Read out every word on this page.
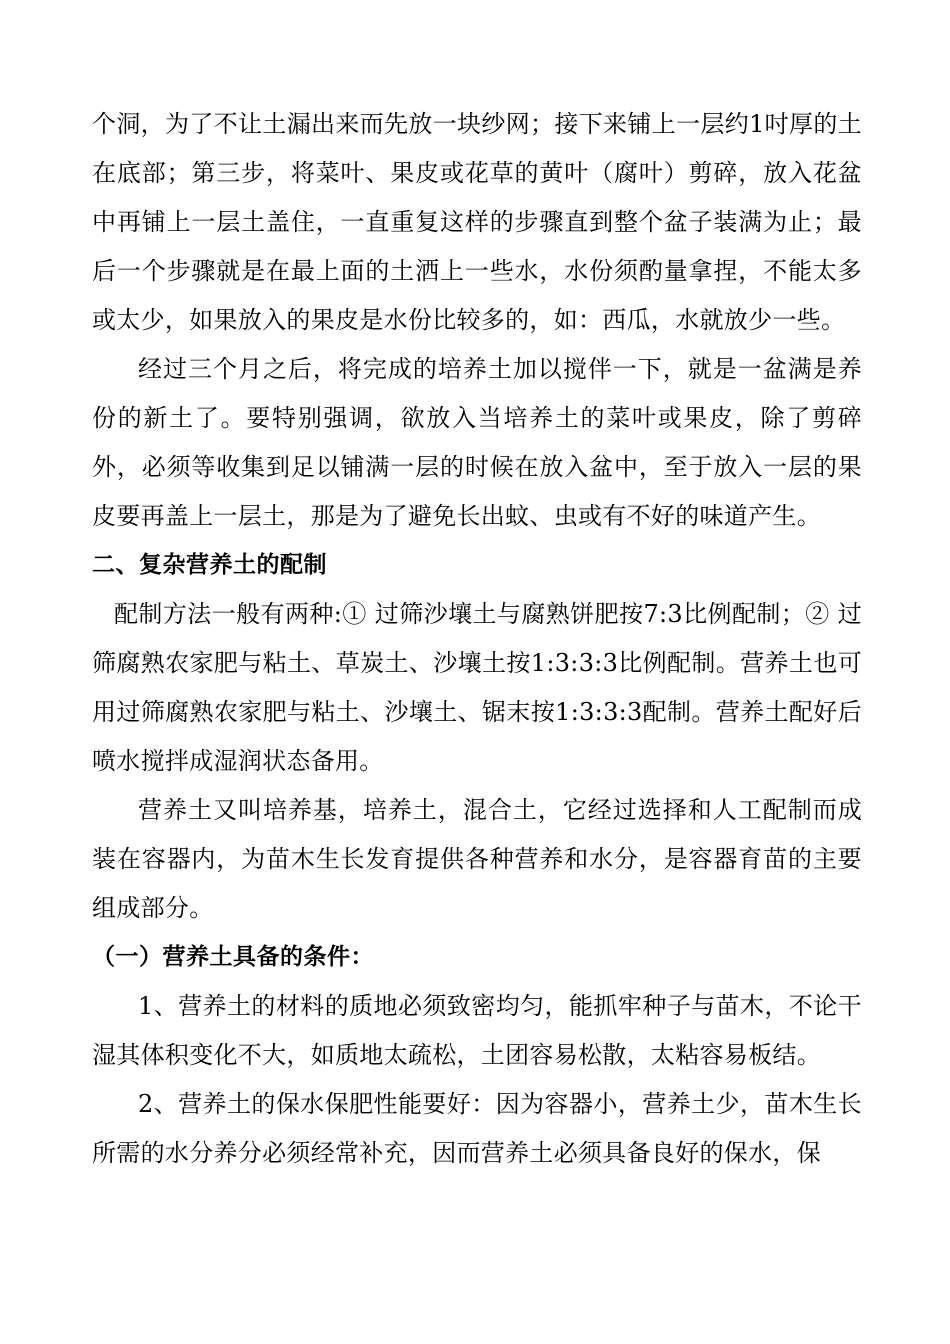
个洞，为了不让土漏出来而先放一块纱网；接下来铺上一层约1吋厚的土在底部；第三步，将菜叶、果皮或花草的黄叶（腐叶）剪碎，放入花盆中再铺上一层土盖住，一直重复这样的步骤直到整个盆子装满为止；最后一个步骤就是在最上面的土洒上一些水，水份须酌量拿捏，不能太多或太少，如果放入的果皮是水份比较多的，如：西瓜，水就放少一些。

经过三个月之后，将完成的培养土加以搅伴一下，就是一盆满是养份的新土了。要特别强调，欲放入当培养土的菜叶或果皮，除了剪碎外，必须等收集到足以铺满一层的时候在放入盆中，至于放入一层的果皮要再盖上一层土，那是为了避免长出蚊、虫或有不好的味道产生。

二、复杂营养土的配制

配制方法一般有两种:① 过筛沙壤土与腐熟饼肥按7:3比例配制；② 过筛腐熟农家肥与粘土、草炭土、沙壤土按1:3:3:3比例配制。营养土也可用过筛腐熟农家肥与粘土、沙壤土、锯末按1:3:3:3配制。营养土配好后喷水搅拌成湿润状态备用。

营养土又叫培养基，培养土，混合土，它经过选择和人工配制而成装在容器内，为苗木生长发育提供各种营养和水分，是容器育苗的主要组成部分。

（一）营养土具备的条件：

1、营养土的材料的质地必须致密均匀，能抓牢种子与苗木，不论干湿其体积变化不大，如质地太疏松，土团容易松散，太粘容易板结。

2、营养土的保水保肥性能要好：因为容器小，营养土少，苗木生长所需的水分养分必须经常补充，因而营养土必须具备良好的保水，保
